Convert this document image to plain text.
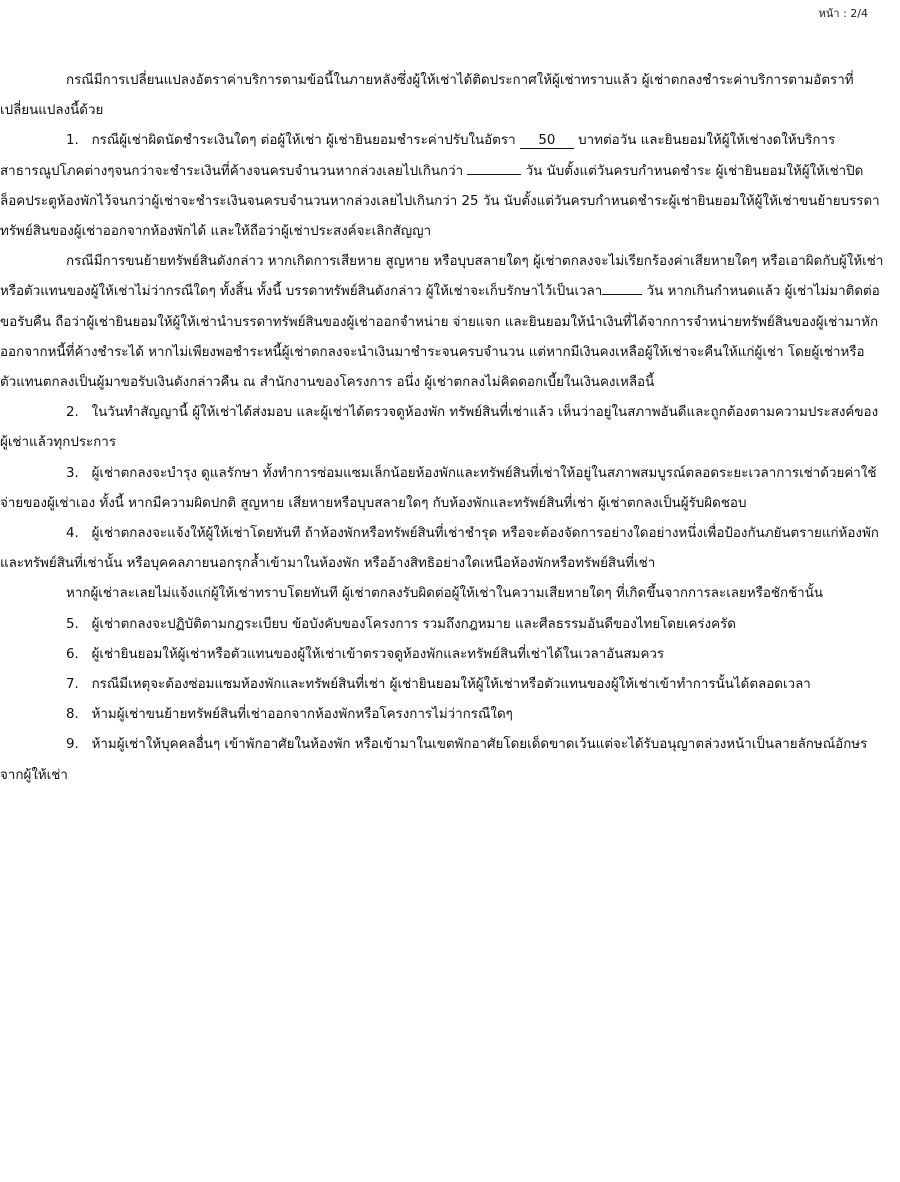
หน้า : 2/4

กรณีมีการเปลี่ยนแปลงอัตราค่าบริการตามข้อนี้ในภายหลังซึ่งผู้ให้เช่าได้ติดประกาศให้ผู้เช่าทราบแล้ว ผู้เช่าตกลงชำระค่าบริการตามอัตราที่เปลี่ยนแปลงนี้ด้วย

1. กรณีผู้เช่าผิดนัดชำระเงินใดๆ ต่อผู้ให้เช่า ผู้เช่ายินยอมชำระค่าปรับในอัตรา 50 บาทต่อวัน และยินยอมให้ผู้ให้เช่างดให้บริการสาธารณูปโภคต่างๆจนกว่าจะชำระเงินที่ค้างจนครบจำนวนหากล่วงเลยไปเกินกว่า	วัน นับตั้งแต่วันครบกำหนดชำระ ผู้เช่ายินยอมให้ผู้ให้เช่าปิดล็อคประตูห้องพักไว้จนกว่าผู้เช่าจะชำระเงินจนครบจำนวนหากล่วงเลยไปเกินกว่า 25 วัน นับตั้งแต่วันครบกำหนดชำระผู้เช่ายินยอมให้ผู้ให้เช่าขนย้ายบรรดาทรัพย์สินของผู้เช่าออกจากห้องพักได้ และให้ถือว่าผู้เช่าประสงค์จะเลิกสัญญา

กรณีมีการขนย้ายทรัพย์สินดังกล่าว หากเกิดการเสียหาย สูญหาย หรือบุบสลายใดๆ ผู้เช่าตกลงจะไม่เรียกร้องค่าเสียหายใดๆ หรือเอาผิดกับผู้ให้เช่าหรือตัวแทนของผู้ให้เช่าไม่ว่ากรณีใดๆ ทั้งสิ้น ทั้งนี้ บรรดาทรัพย์สินดังกล่าว ผู้ให้เช่าจะเก็บรักษาไว้เป็นเวลา	วัน หากเกินกำหนดแล้ว ผู้เช่าไม่มาติดต่อขอรับคืน ถือว่าผู้เช่ายินยอมให้ผู้ให้เช่านำบรรดาทรัพย์สินของผู้เช่าออกจำหน่าย จ่ายแจก และยินยอมให้นำเงินที่ได้จากการจำหน่ายทรัพย์สินของผู้เช่ามาหักออกจากหนี้ที่ค้างชำระได้ หากไม่เพียงพอชำระหนี้ผู้เช่าตกลงจะนำเงินมาชำระจนครบจำนวน แต่หากมีเงินคงเหลือผู้ให้เช่าจะคืนให้แก่ผู้เช่า โดยผู้เช่าหรือตัวแทนตกลงเป็นผู้มาขอรับเงินดังกล่าวคืน ณ สำนักงานของโครงการ อนึ่ง ผู้เช่าตกลงไม่คิดดอกเบี้ยในเงินคงเหลือนี้

2. ในวันทำสัญญานี้ ผู้ให้เช่าได้ส่งมอบ และผู้เช่าได้ตรวจดูห้องพัก ทรัพย์สินที่เช่าแล้ว เห็นว่าอยู่ในสภาพอันดีและถูกต้องตามความประสงค์ของผู้เช่าแล้วทุกประการ

3. ผู้เช่าตกลงจะบำรุง ดูแลรักษา ทั้งทำการซ่อมแซมเล็กน้อยห้องพักและทรัพย์สินที่เช่าให้อยู่ในสภาพสมบูรณ์ตลอดระยะเวลาการเช่าด้วยค่าใช้จ่ายของผู้เช่าเอง ทั้งนี้ หากมีความผิดปกติ สูญหาย เสียหายหรือบุบสลายใดๆ กับห้องพักและทรัพย์สินที่เช่า ผู้เช่าตกลงเป็นผู้รับผิดชอบ

4. ผู้เช่าตกลงจะแจ้งให้ผู้ให้เช่าโดยทันที ถ้าห้องพักหรือทรัพย์สินที่เช่าชำรุด หรือจะต้องจัดการอย่างใดอย่างหนึ่งเพื่อป้องกันภยันตรายแก่ห้องพักและทรัพย์สินที่เช่านั้น หรือบุคคลภายนอกรุกล้ำเข้ามาในห้องพัก หรืออ้างสิทธิอย่างใดเหนือห้องพักหรือทรัพย์สินที่เช่า

หากผู้เช่าละเลยไม่แจ้งแก่ผู้ให้เช่าทราบโดยทันที ผู้เช่าตกลงรับผิดต่อผู้ให้เช่าในความเสียหายใดๆ ที่เกิดขึ้นจากการละเลยหรือชักช้านั้น

5. ผู้เช่าตกลงจะปฏิบัติตามกฎระเบียบ ข้อบังคับของโครงการ รวมถึงกฎหมาย และศีลธรรมอันดีของไทยโดยเคร่งครัด

6. ผู้เช่ายินยอมให้ผู้เช่าหรือตัวแทนของผู้ให้เช่าเข้าตรวจดูห้องพักและทรัพย์สินที่เช่าได้ในเวลาอันสมควร

7. กรณีมีเหตุจะต้องซ่อมแซมห้องพักและทรัพย์สินที่เช่า ผู้เช่ายินยอมให้ผู้ให้เช่าหรือตัวแทนของผู้ให้เช่าเข้าทำการนั้นได้ตลอดเวลา

8. ห้ามผู้เช่าขนย้ายทรัพย์สินที่เช่าออกจากห้องพักหรือโครงการไม่ว่ากรณีใดๆ

9. ห้ามผู้เช่าให้บุคคลอื่นๆ เข้าพักอาศัยในห้องพัก หรือเข้ามาในเขตพักอาศัยโดยเด็ดขาดเว้นแต่จะได้รับอนุญาตล่วงหน้าเป็นลายลักษณ์อักษรจากผู้ให้เช่า
